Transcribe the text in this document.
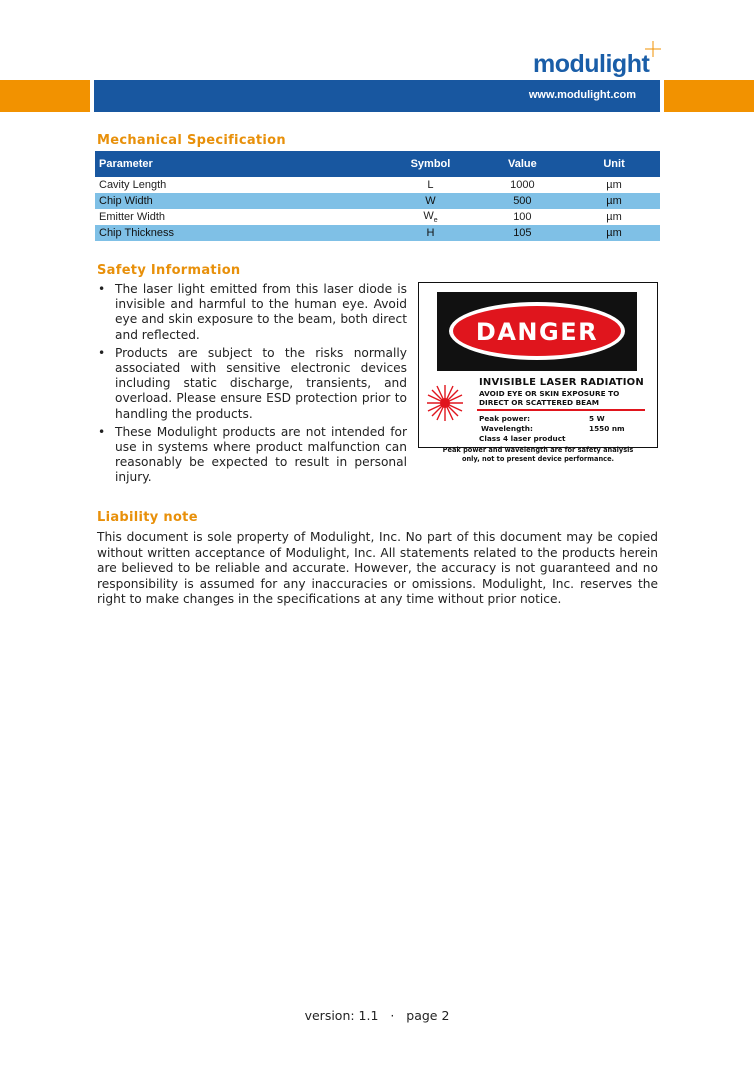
modulight
www.modulight.com
Mechanical Specification
Parameter	Symbol	Value	Unit
Cavity Length	L	1000	µm
Chip Width	W	500	µm
Emitter Width	$W_e$	100	µm
Chip Thickness	H	105	µm
Safety Information
• The laser light emitted from this laser diode is invisible and harmful to the human eye. Avoid eye and skin exposure to the beam, both direct and reflected.
• Products are subject to the risks normally associated with sensitive electronic devices including static discharge, transients, and overload. Please ensure ESD protection prior to handling the products.
• These Modulight products are not intended for use in systems where product malfunction can reasonably be expected to result in personal injury.
DANGER
INVISIBLE LASER RADIATION
AVOID EYE OR SKIN EXPOSURE TO
DIRECT OR SCATTERED BEAM
Peak power:	5 W
Wavelength:	1550 nm
Class 4 laser product
Peak power and wavelength are for safety analysis
only, not to present device performance.
Liability note

This document is sole property of Modulight, Inc. No part of this document may be copied without written acceptance of Modulight, Inc. All statements related to the products herein are believed to be reliable and accurate. However, the accuracy is not guaranteed and no responsibility is assumed for any inaccuracies or omissions. Modulight, Inc. reserves the right to make changes in the specifications at any time without prior notice.

version: 1.1   ·   page 2
